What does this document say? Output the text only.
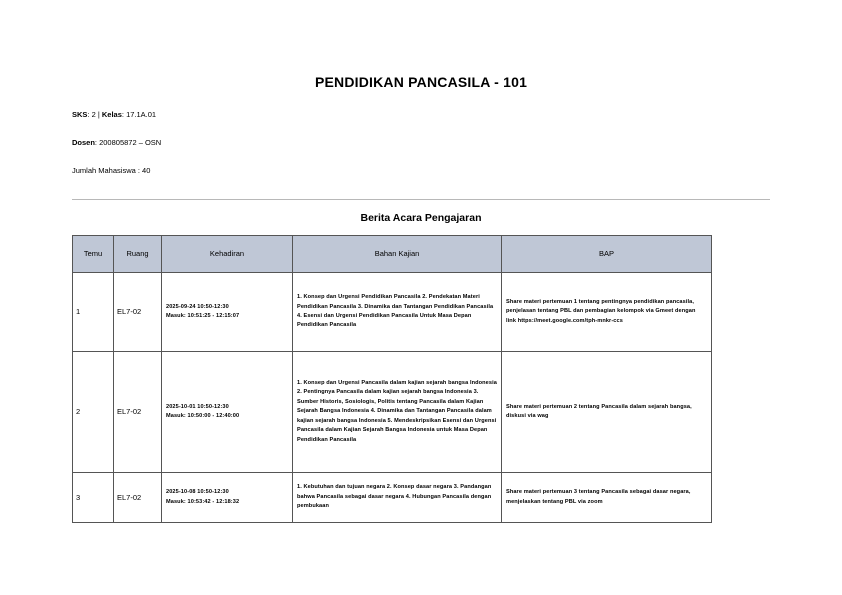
PENDIDIKAN PANCASILA - 101
SKS: 2 | Kelas: 17.1A.01
Dosen: 200805872 – OSN
Jumlah Mahasiswa : 40
Berita Acara Pengajaran
Temu	Ruang	Kehadiran	Bahan Kajian	BAP
1	EL7-02	2025-09-24 10:50-12:30
Masuk: 10:51:25 - 12:15:07	1. Konsep dan Urgensi Pendidikan Pancasila 2. Pendekatan Materi Pendidikan Pancasila 3. Dinamika dan Tantangan Pendidikan Pancasila 4. Esensi dan Urgensi Pendidikan Pancasila Untuk Masa Depan Pendidikan Pancasila	Share materi pertemuan 1 tentang pentingnya pendidikan pancasila, penjelasan tentang PBL dan pembagian kelompok via Gmeet dengan link https://meet.google.com/tph-mnkr-ccs
2	EL7-02	2025-10-01 10:50-12:30
Masuk: 10:50:00 - 12:40:00	1. Konsep dan Urgensi Pancasila dalam kajian sejarah bangsa Indonesia 2. Pentingnya Pancasila dalam kajian sejarah bangsa Indonesia 3. Sumber Historis, Sosiologis, Politis tentang Pancasila dalam Kajian Sejarah Bangsa Indonesia 4. Dinamika dan Tantangan Pancasila dalam kajian sejarah bangsa Indonesia 5. Mendeskripsikan Esensi dan Urgensi Pancasila dalam Kajian Sejarah Bangsa Indonesia untuk Masa Depan Pendidikan Pancasila	Share materi pertemuan 2 tentang Pancasila dalam sejarah bangsa, diskusi via wag
3	EL7-02	2025-10-08 10:50-12:30
Masuk: 10:53:42 - 12:18:32	1. Kebutuhan dan tujuan negara 2. Konsep dasar negara 3. Pandangan bahwa Pancasila sebagai dasar negara 4. Hubungan Pancasila dengan pembukaan	Share materi pertemuan 3 tentang Pancasila sebagai dasar negara, menjelaskan tentang PBL via zoom
